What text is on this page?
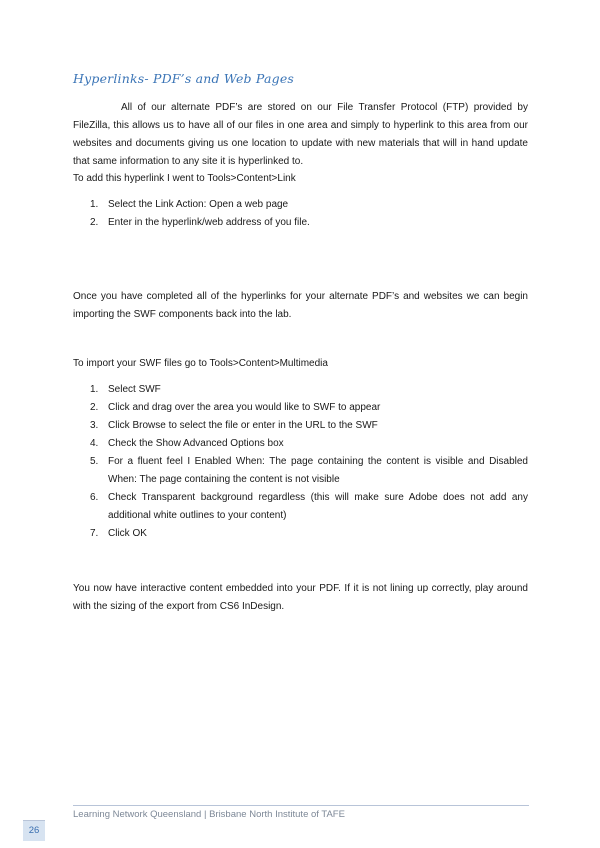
Hyperlinks- PDF’s and Web Pages

All of our alternate PDF’s are stored on our File Transfer Protocol (FTP) provided by FileZilla, this allows us to have all of our files in one area and simply to hyperlink to this area from our websites and documents giving us one location to update with new materials that will in hand update that same information to any site it is hyperlinked to.

To add this hyperlink I went to Tools>Content>Link

1. Select the Link Action: Open a web page
2. Enter in the hyperlink/web address of you file.

Once you have completed all of the hyperlinks for your alternate PDF’s and websites we can begin importing the SWF components back into the lab.

To import your SWF files go to Tools>Content>Multimedia

1. Select SWF
2. Click and drag over the area you would like to SWF to appear
3. Click Browse to select the file or enter in the URL to the SWF
4. Check the Show Advanced Options box
5. For a fluent feel I Enabled When: The page containing the content is visible and Disabled When: The page containing the content is not visible
6. Check Transparent background regardless (this will make sure Adobe does not add any additional white outlines to your content)
7. Click OK

You now have interactive content embedded into your PDF. If it is not lining up correctly, play around with the sizing of the export from CS6 InDesign.

Learning Network Queensland | Brisbane North Institute of TAFE

26
